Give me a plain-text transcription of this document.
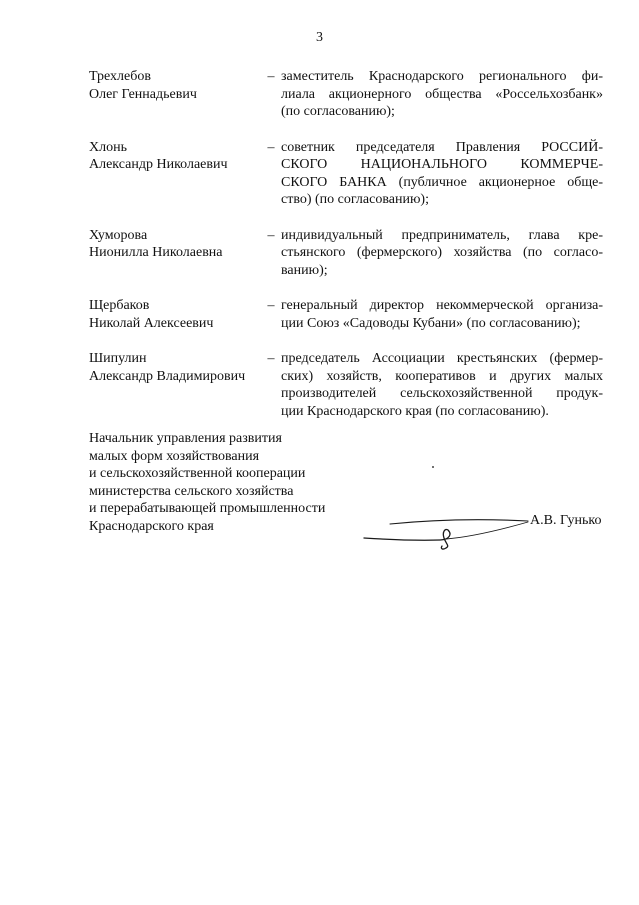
3
Трехлебов
Олег Геннадьевич
– заместитель Краснодарского регионального фи-
лиала акционерного общества «Россельхозбанк»
(по согласованию);
Хлонь
Александр Николаевич
– советник председателя Правления РОССИЙ-
СКОГО НАЦИОНАЛЬНОГО КОММЕРЧЕ-
СКОГО БАНКА (публичное акционерное обще-
ство) (по согласованию);
Хуморова
Нионилла Николаевна
– индивидуальный предприниматель, глава кре-
стьянского (фермерского) хозяйства (по согласо-
ванию);
Щербаков
Николай Алексеевич
– генеральный директор некоммерческой организа-
ции Союз «Садоводы Кубани» (по согласованию);
Шипулин
Александр Владимирович
– председатель Ассоциации крестьянских (фермер-
ских) хозяйств, кооперативов и других малых
производителей сельскохозяйственной продук-
ции Краснодарского края (по согласованию).
Начальник управления развития
малых форм хозяйствования
и сельскохозяйственной кооперации
министерства сельского хозяйства
и перерабатывающей промышленности
Краснодарского края	А.В. Гунько
